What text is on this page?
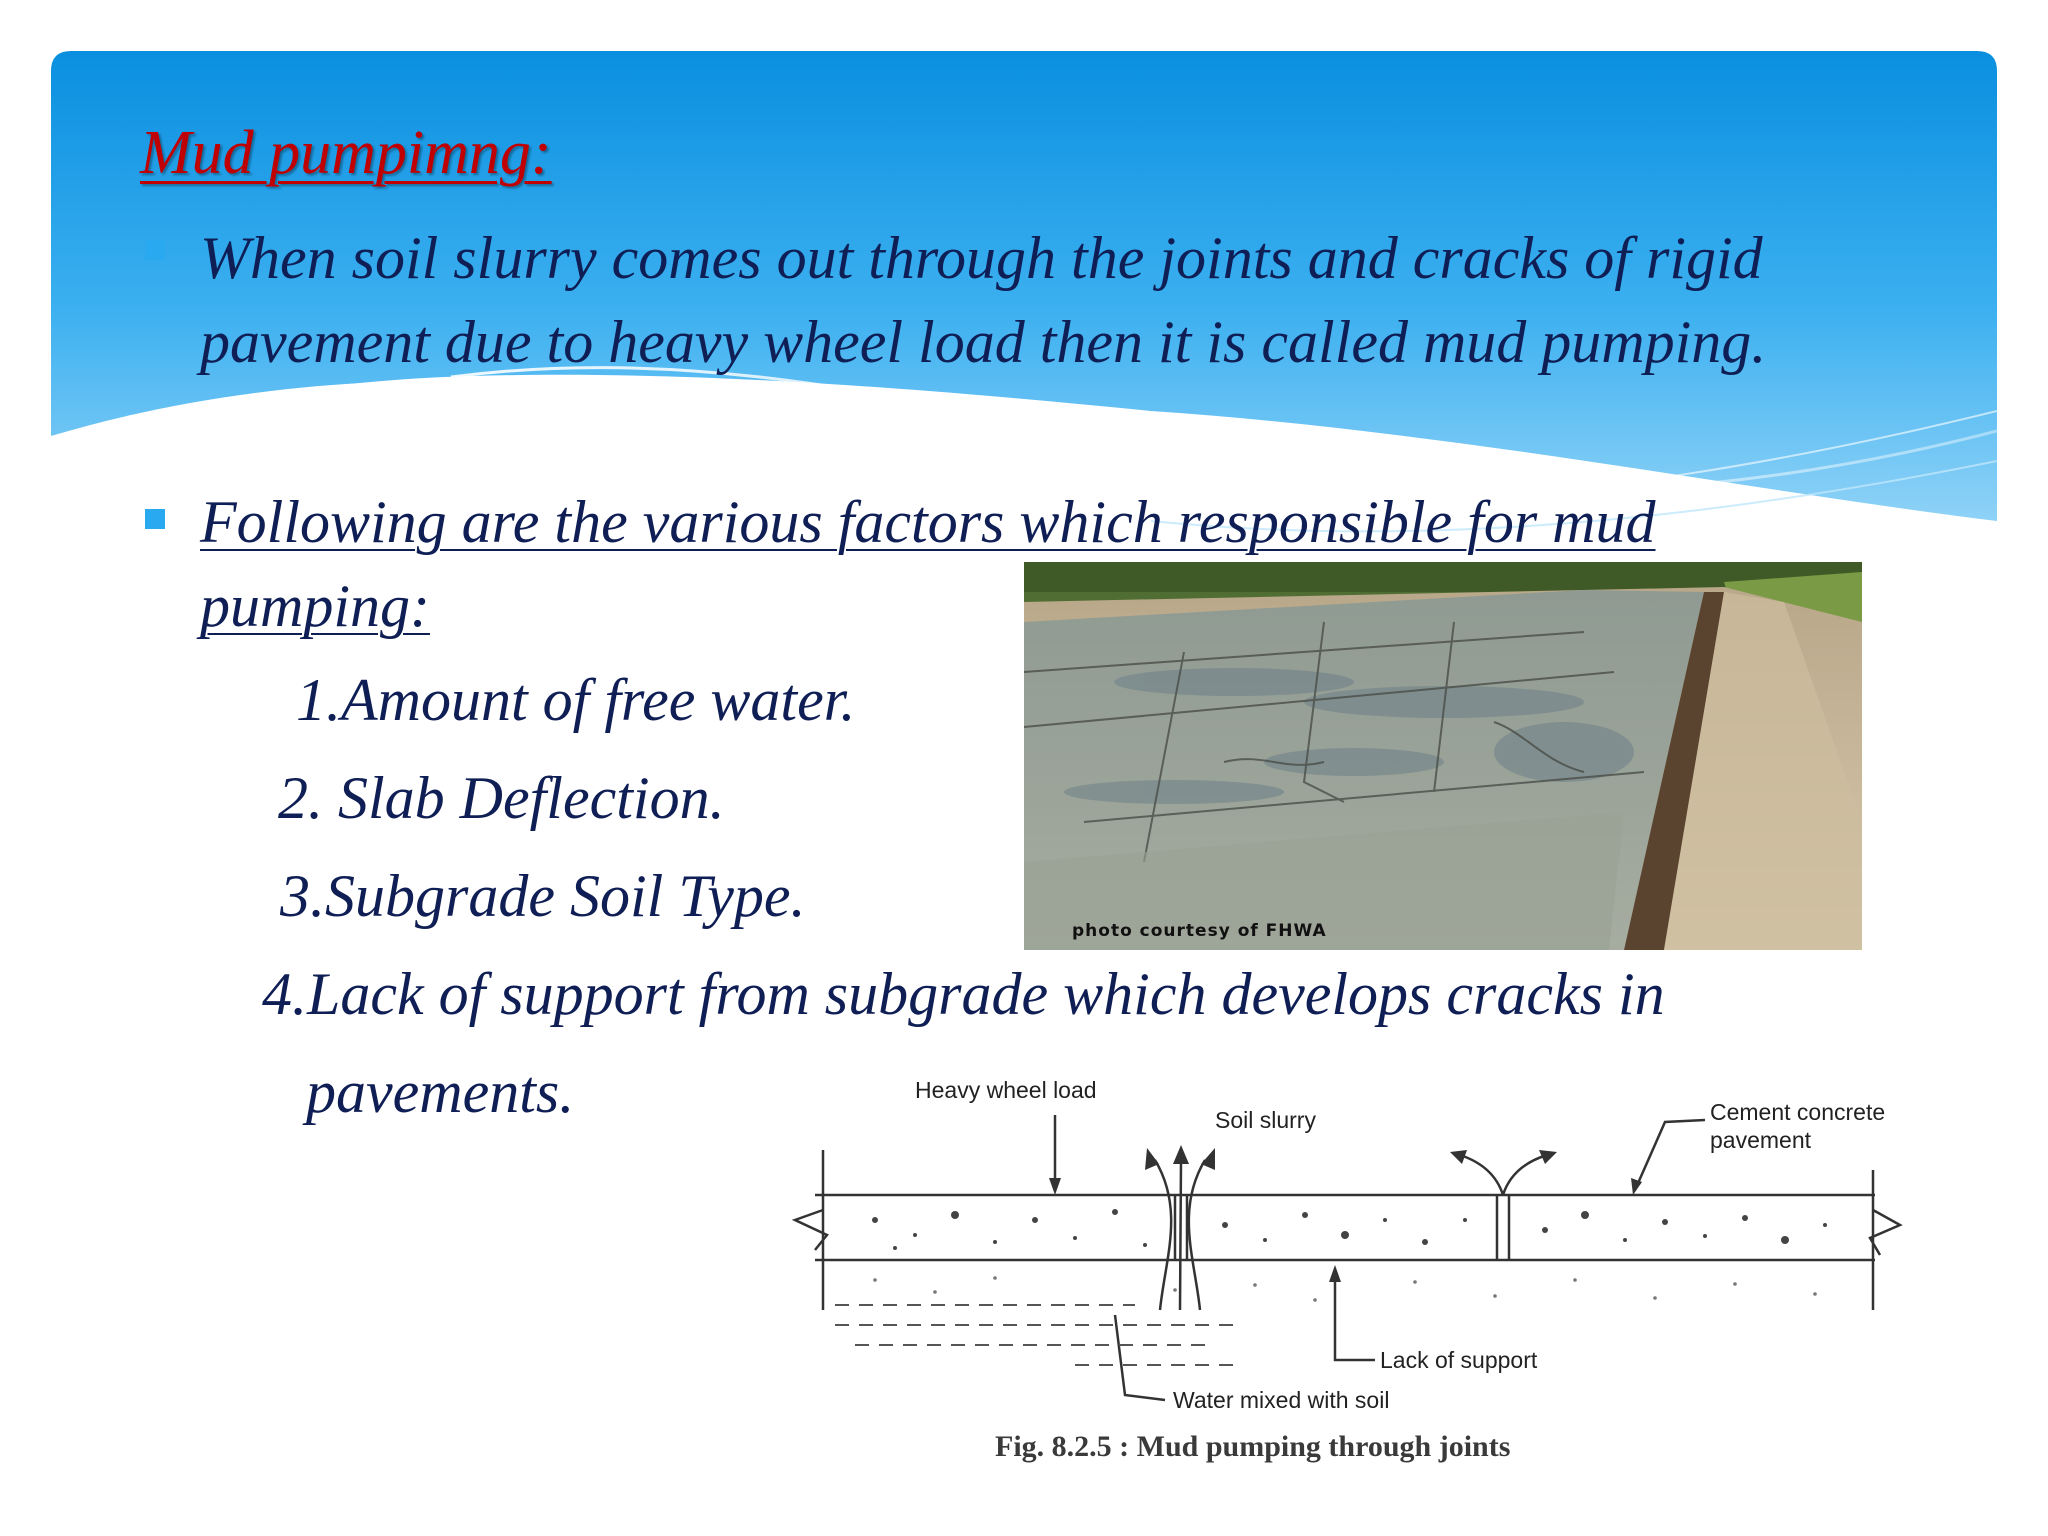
Mud pumpimng:

When soil slurry comes out through the joints and cracks of rigid pavement due to heavy wheel load then it is called mud pumping.

Following are the various factors which responsible for mud pumping:

1.Amount of free water.

2. Slab Deflection.

3.Subgrade Soil Type.

4.Lack of support from subgrade which develops cracks in

pavements.

photo courtesy of FHWA
Heavy wheel load
Soil slurry	Cement concrete
pavement
Lack of support
Water mixed with soil

Fig. 8.2.5 : Mud pumping through joints
